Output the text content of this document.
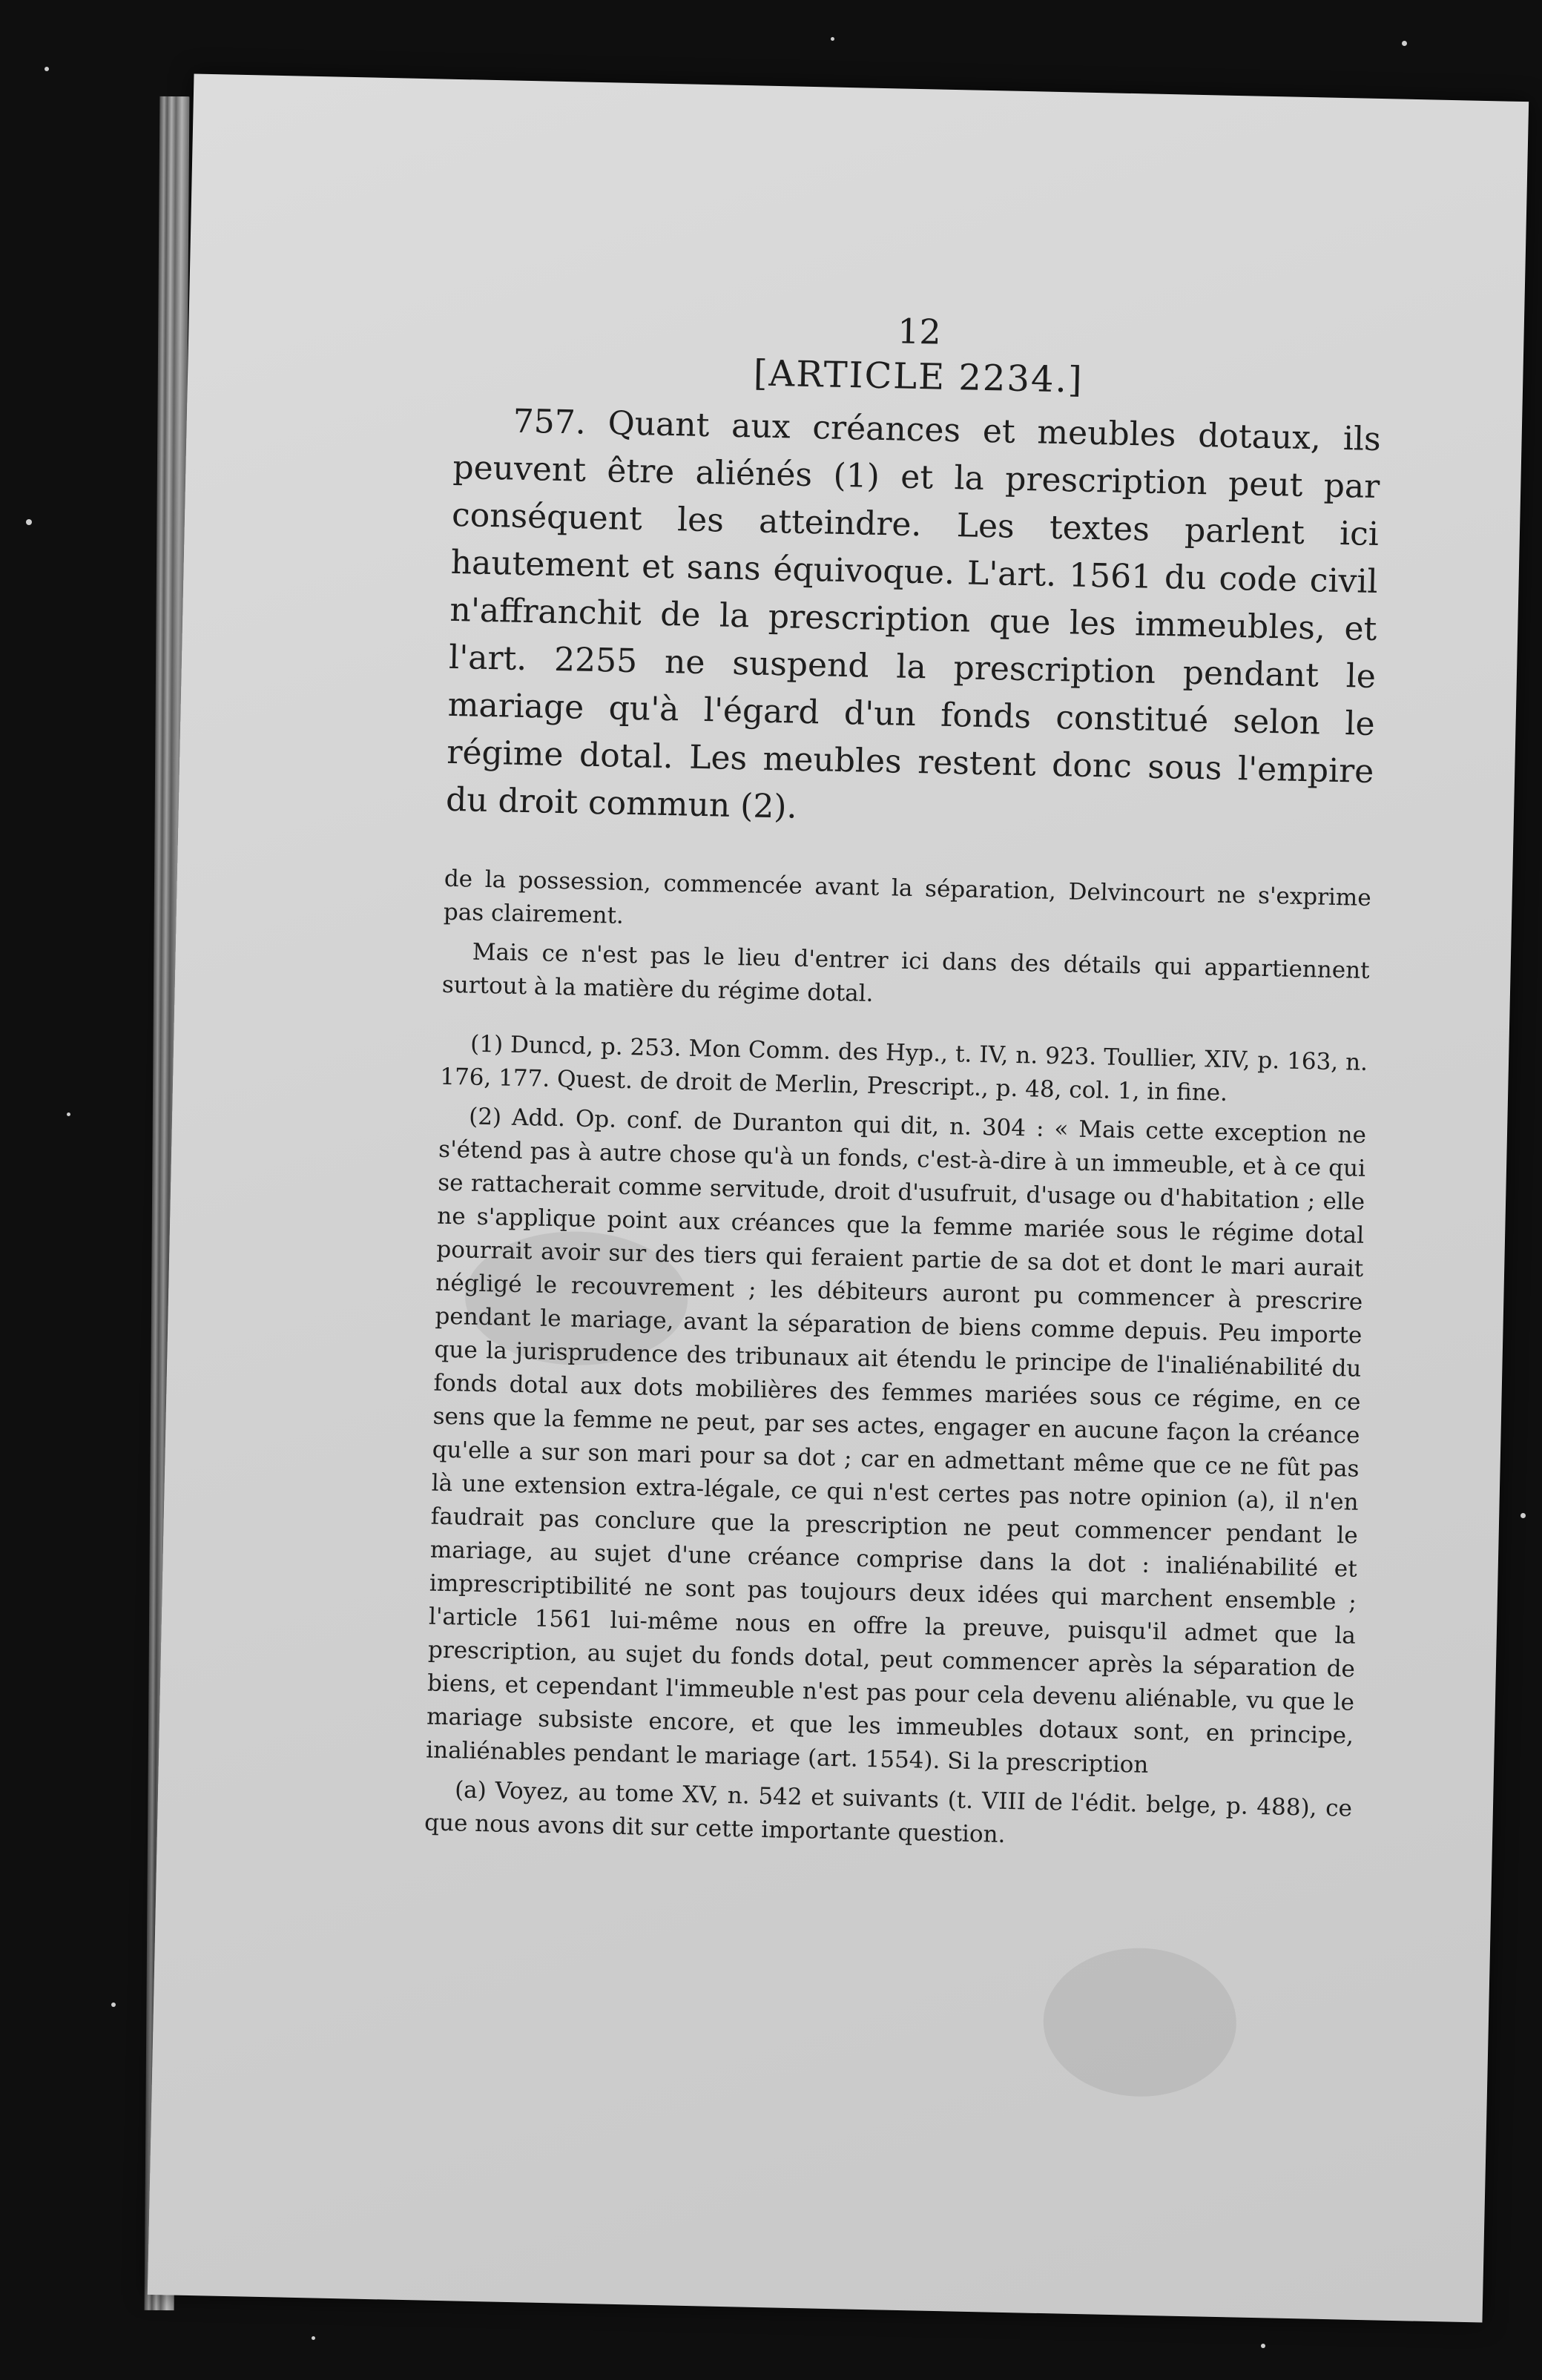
12
[ARTICLE 2234.]

757. Quant aux créances et meubles dotaux, ils peuvent être aliénés (1) et la prescription peut par conséquent les atteindre. Les textes parlent ici hautement et sans équivoque. L'art. 1561 du code civil n'affranchit de la prescription que les immeubles, et l'art. 2255 ne suspend la prescription pendant le mariage qu'à l'égard d'un fonds constitué selon le régime dotal. Les meubles restent donc sous l'empire du droit commun (2).

de la possession, commencée avant la séparation, Delvincourt ne s'exprime pas clairement.

Mais ce n'est pas le lieu d'entrer ici dans des détails qui appartiennent surtout à la matière du régime dotal.

(1) Duncd, p. 253. Mon Comm. des Hyp., t. IV, n. 923. Toullier, XIV, p. 163, n. 176, 177. Quest. de droit de Merlin, Prescript., p. 48, col. 1, in fine.

(2) Add. Op. conf. de Duranton qui dit, n. 304 : « Mais cette exception ne s'étend pas à autre chose qu'à un fonds, c'est-à-dire à un immeuble, et à ce qui se rattacherait comme servitude, droit d'usufruit, d'usage ou d'habitation ; elle ne s'applique point aux créances que la femme mariée sous le régime dotal pourrait avoir sur des tiers qui feraient partie de sa dot et dont le mari aurait négligé le recouvrement ; les débiteurs auront pu commencer à prescrire pendant le mariage, avant la séparation de biens comme depuis. Peu importe que la jurisprudence des tribunaux ait étendu le principe de l'inaliénabilité du fonds dotal aux dots mobilières des femmes mariées sous ce régime, en ce sens que la femme ne peut, par ses actes, engager en aucune façon la créance qu'elle a sur son mari pour sa dot ; car en admettant même que ce ne fût pas là une extension extra-légale, ce qui n'est certes pas notre opinion (a), il n'en faudrait pas conclure que la prescription ne peut commencer pendant le mariage, au sujet d'une créance comprise dans la dot : inaliénabilité et imprescriptibilité ne sont pas toujours deux idées qui marchent ensemble ; l'article 1561 lui-même nous en offre la preuve, puisqu'il admet que la prescription, au sujet du fonds dotal, peut commencer après la séparation de biens, et cependant l'immeuble n'est pas pour cela devenu aliénable, vu que le mariage subsiste encore, et que les immeubles dotaux sont, en principe, inaliénables pendant le mariage (art. 1554). Si la prescription

(a) Voyez, au tome XV, n. 542 et suivants (t. VIII de l'édit. belge, p. 488), ce que nous avons dit sur cette importante question.
